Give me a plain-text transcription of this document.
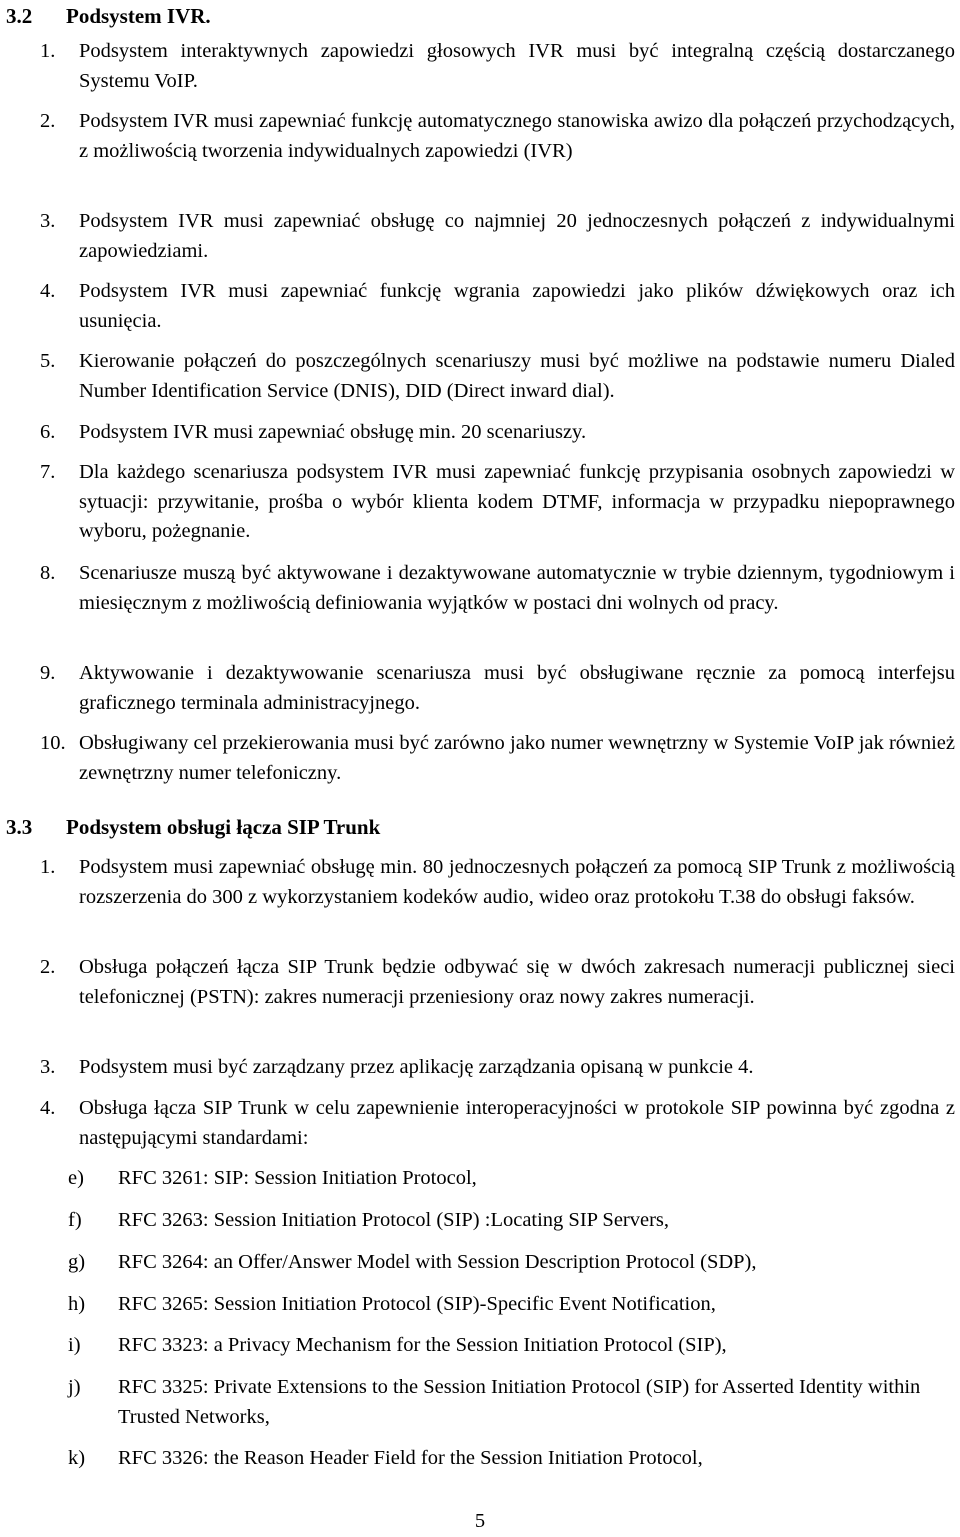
3.2 Podsystem IVR.
1. Podsystem interaktywnych zapowiedzi głosowych IVR musi być integralną częścią dostarczanego Systemu VoIP.
2. Podsystem IVR musi zapewniać funkcję automatycznego stanowiska awizo dla połączeń przychodzących, z możliwością tworzenia indywidualnych zapowiedzi (IVR)
3. Podsystem IVR musi zapewniać obsługę co najmniej 20 jednoczesnych połączeń z indywidualnymi zapowiedziami.
4. Podsystem IVR musi zapewniać funkcję wgrania zapowiedzi jako plików dźwiękowych oraz ich usunięcia.
5. Kierowanie połączeń do poszczególnych scenariuszy musi być możliwe na podstawie numeru Dialed Number Identification Service (DNIS), DID (Direct inward dial).
6. Podsystem IVR musi zapewniać obsługę min. 20 scenariuszy.
7. Dla każdego scenariusza podsystem IVR musi zapewniać funkcję przypisania osobnych zapowiedzi w sytuacji: przywitanie, prośba o wybór klienta kodem DTMF, informacja w przypadku niepoprawnego wyboru, pożegnanie.
8. Scenariusze muszą być aktywowane i dezaktywowane automatycznie w trybie dziennym, tygodniowym i miesięcznym z możliwością definiowania wyjątków w postaci dni wolnych od pracy.
9. Aktywowanie i dezaktywowanie scenariusza musi być obsługiwane ręcznie za pomocą interfejsu graficznego terminala administracyjnego.
10. Obsługiwany cel przekierowania musi być zarówno jako numer wewnętrzny w Systemie VoIP jak również zewnętrzny numer telefoniczny.
3.3 Podsystem obsługi łącza SIP Trunk
1. Podsystem musi zapewniać obsługę min. 80 jednoczesnych połączeń za pomocą SIP Trunk z możliwością rozszerzenia do 300 z wykorzystaniem kodeków audio, wideo oraz protokołu T.38 do obsługi faksów.
2. Obsługa połączeń łącza SIP Trunk będzie odbywać się w dwóch zakresach numeracji publicznej sieci telefonicznej (PSTN): zakres numeracji przeniesiony oraz nowy zakres numeracji.
3. Podsystem musi być zarządzany przez aplikację zarządzania opisaną w punkcie 4.
4. Obsługa łącza SIP Trunk w celu zapewnienie interoperacyjności w protokole SIP powinna być zgodna z następującymi standardami:
e) RFC 3261: SIP: Session Initiation Protocol,
f) RFC 3263: Session Initiation Protocol (SIP) :Locating SIP Servers,
g) RFC 3264: an Offer/Answer Model with Session Description Protocol (SDP),
h) RFC 3265: Session Initiation Protocol (SIP)-Specific Event Notification,
i) RFC 3323: a Privacy Mechanism for the Session Initiation Protocol (SIP),
j) RFC 3325: Private Extensions to the Session Initiation Protocol (SIP) for Asserted Identity within Trusted Networks,
k) RFC 3326: the Reason Header Field for the Session Initiation Protocol,
5
